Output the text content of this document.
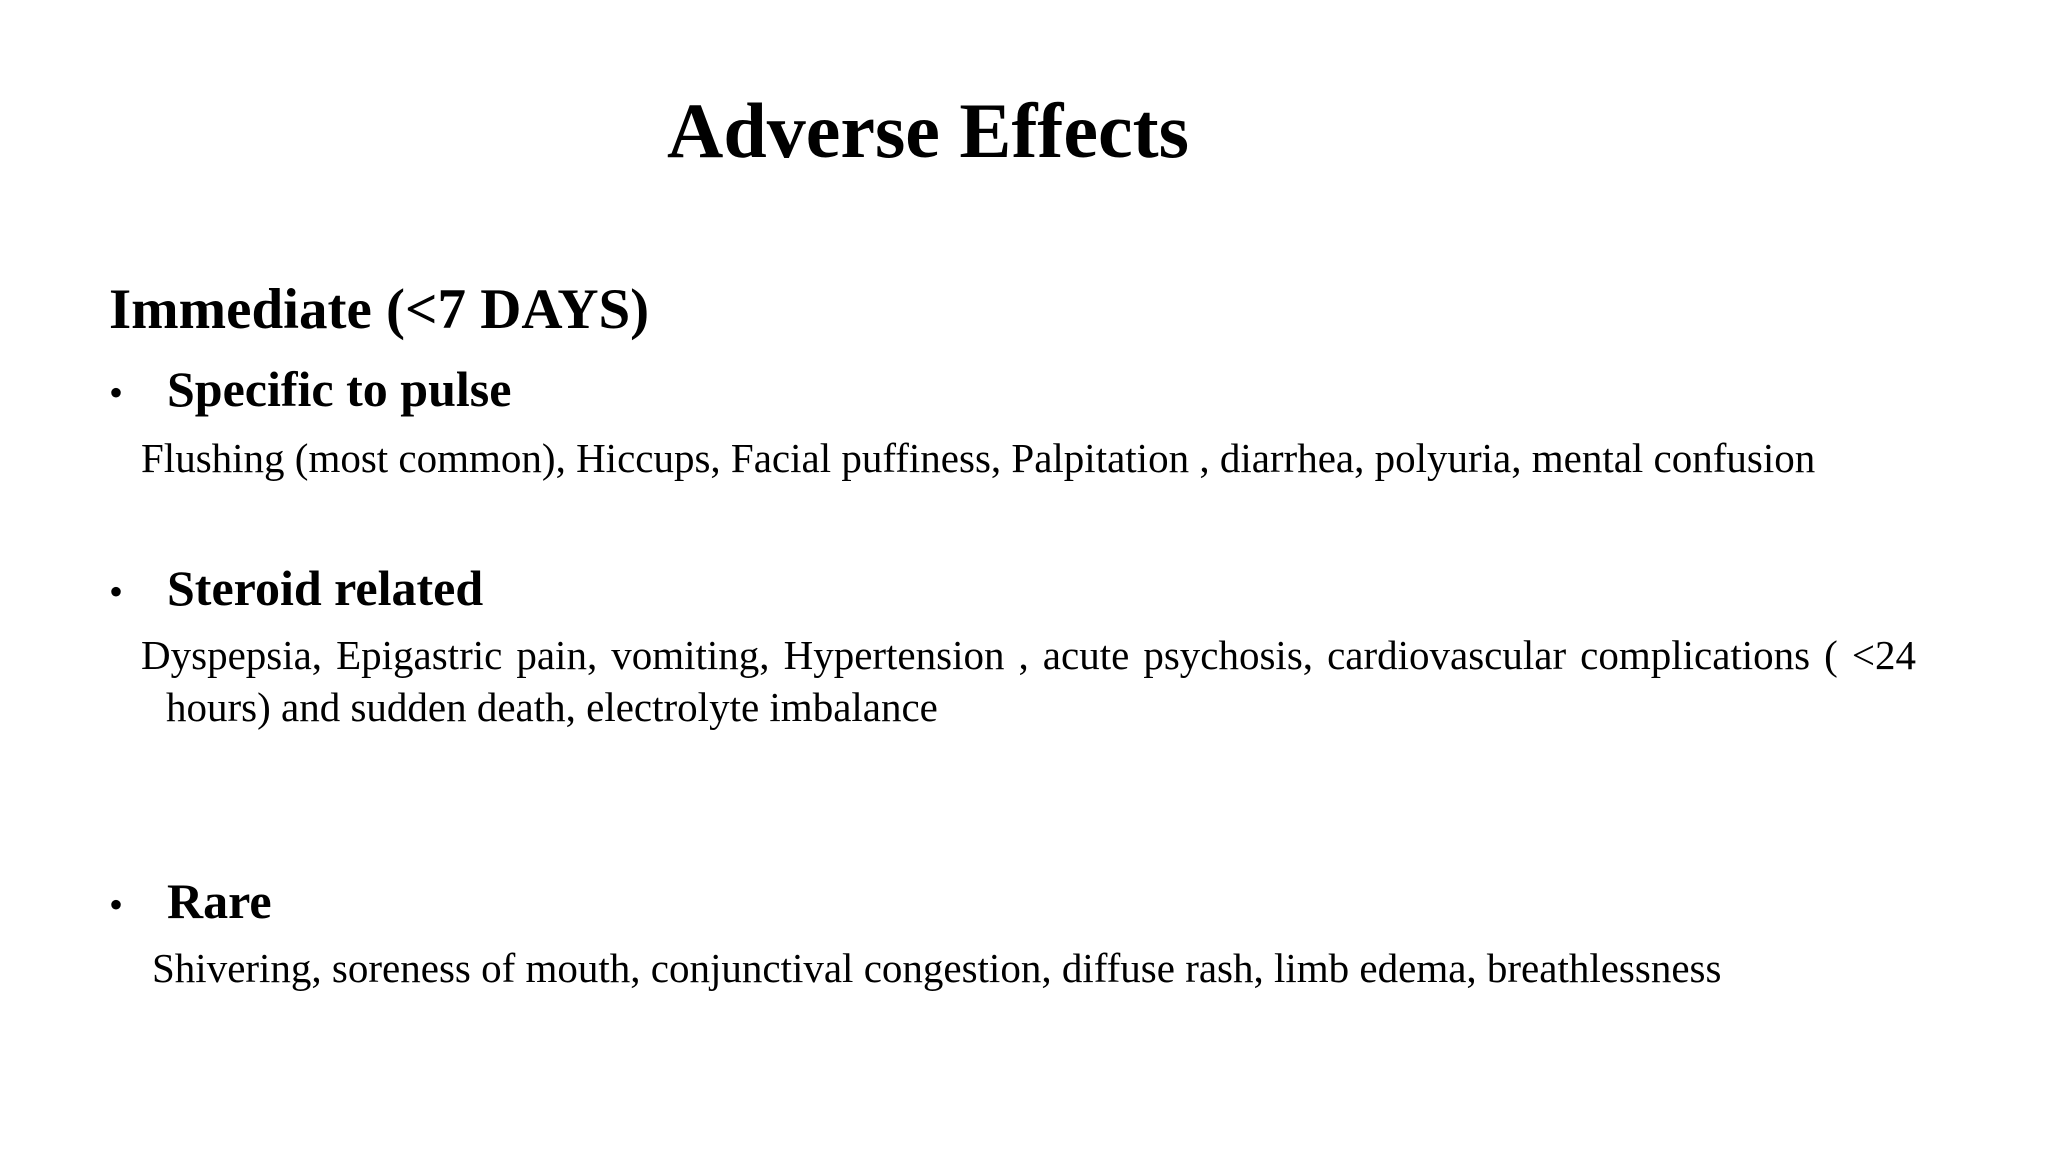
Adverse Effects
Immediate (<7 DAYS)
• Specific to pulse
Flushing (most common), Hiccups, Facial puffiness, Palpitation , diarrhea, polyuria, mental confusion
• Steroid related
Dyspepsia, Epigastric pain, vomiting, Hypertension , acute psychosis, cardiovascular complications ( <24 hours) and sudden death, electrolyte imbalance
• Rare
Shivering, soreness of mouth, conjunctival congestion, diffuse rash, limb edema, breathlessness
